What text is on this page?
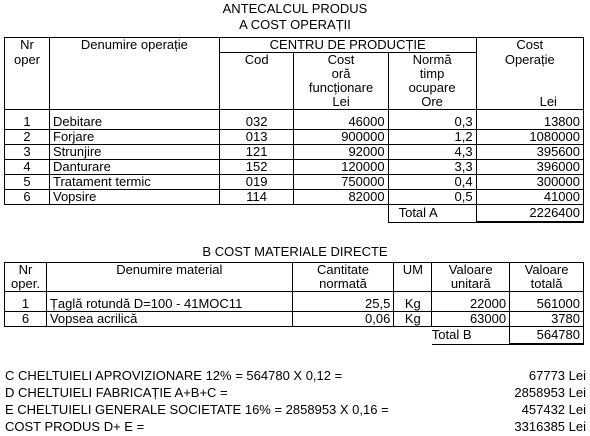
ANTECALCUL PRODUS
A COST OPERAȚII
Nr	Denumire operație	CENTRU DE PRODUCȚIE			Cost
oper		Cod	Cost	Normă	Operație
			oră	timp	
			funcționare	ocupare	
			Lei	Ore	Lei

1	Debitare	032	46000	0,3	13800
2	Forjare	013	900000	1,2	1080000
3	Strunjire	121	92000	4,3	395600
4	Danturare	152	120000	3,3	396000
5	Tratament termic	019	750000	0,4	300000
6	Vopsire	114	82000	0,5	41000
				Total A	2226400
B COST MATERIALE DIRECTE
Nr	Denumire material	Cantitate	UM	Valoare	Valoare
oper.		normată		unitară	totală

1	Țaglă rotundă D=100 - 41MOC11	25,5	Kg	22000	561000
6	Vopsea acrilică	0,06	Kg	63000	3780
				Total B	564780
C CHELTUIELI APROVIZIONARE 12% = 564780 X 0,12 =	67773 Lei
D CHELTUIELI FABRICAȚIE A+B+C =	2858953 Lei
E CHELTUIELI GENERALE SOCIETATE 16% = 2858953 X 0,16 =	457432 Lei
COST PRODUS D+ E =	3316385 Lei
